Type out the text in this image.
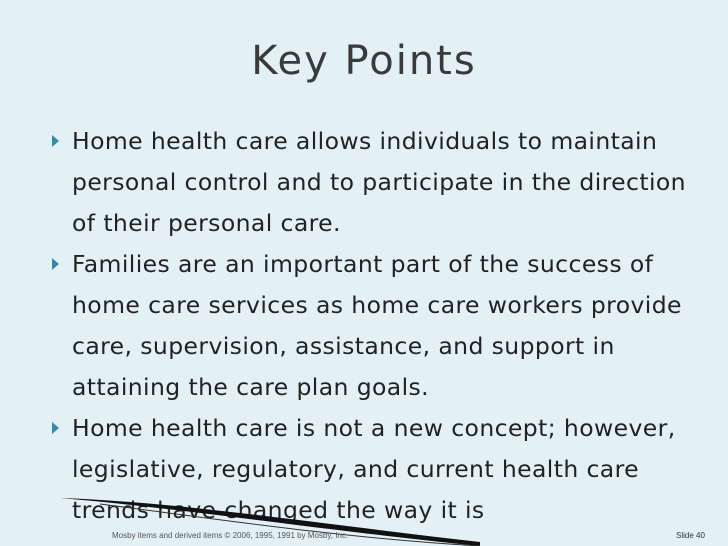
Key Points
Home health care allows individuals to maintain personal control and to participate in the direction of their personal care.
Families are an important part of the success of home care services as home care workers provide care, supervision, assistance, and support in attaining the care plan goals.
Home health care is not a new concept; however, legislative, regulatory, and current health care trends have changed the way it is
Mosby items and derived items © 2006, 1995, 1991 by Mosby, Inc.	Slide 40
